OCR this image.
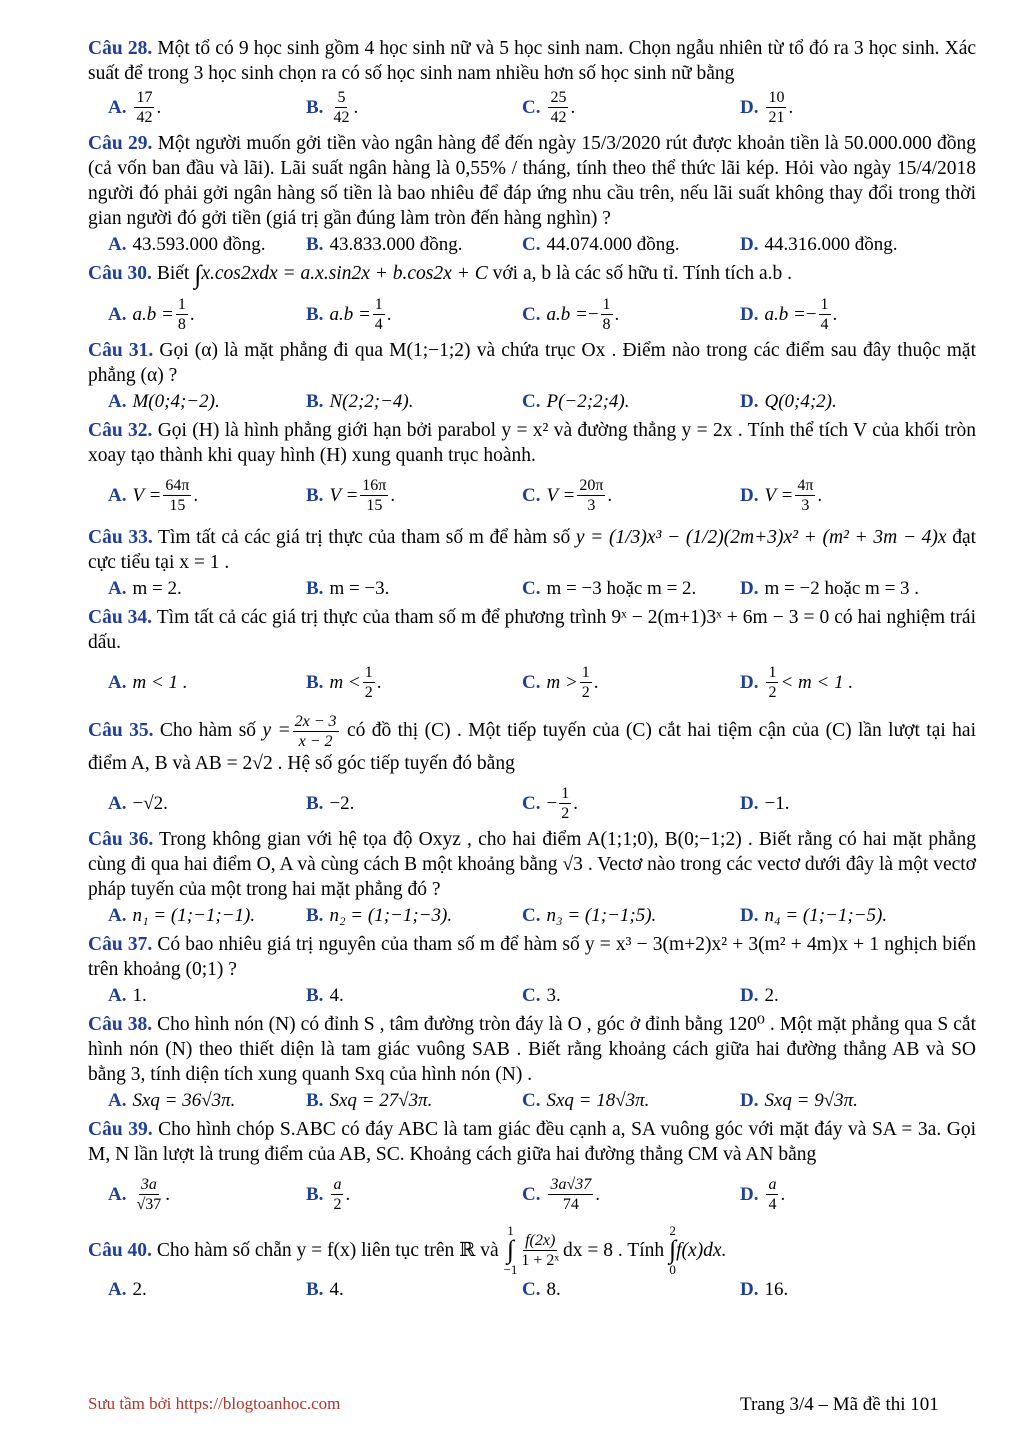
Câu 28. Một tổ có 9 học sinh gồm 4 học sinh nữ và 5 học sinh nam. Chọn ngẫu nhiên từ tổ đó ra 3 học sinh. Xác suất để trong 3 học sinh chọn ra có số học sinh nam nhiều hơn số học sinh nữ bằng

A. $\frac{17}{42}$ .	B. $\frac{5}{42}$ .	C. $\frac{25}{42}$ .	D. $\frac{10}{21}$ .

Câu 29. Một người muốn gởi tiền vào ngân hàng để đến ngày 15/3/2020 rút được khoản tiền là 50.000.000 đồng (cả vốn ban đầu và lãi). Lãi suất ngân hàng là 0,55% / tháng, tính theo thể thức lãi kép. Hỏi vào ngày 15/4/2018 người đó phải gởi ngân hàng số tiền là bao nhiêu để đáp ứng nhu cầu trên, nếu lãi suất không thay đổi trong thời gian người đó gởi tiền (giá trị gần đúng làm tròn đến hàng nghìn) ?

A. 43.593.000 đồng. B. 43.833.000 đồng.	C. 44.074.000 đồng.	D. 44.316.000 đồng.

Câu 30. Biết ∫x.cos2xdx = a.x.sin2x + b.cos2x + C với a, b là các số hữu tỉ. Tính tích a.b .

A. $a.b = \frac{1}{8}$ .	B. $a.b = \frac{1}{4}$ .	C. a.b = − $\frac{1}{8}$ .	D. a.b = − $\frac{1}{4}$ .

Câu 31. Gọi (α) là mặt phẳng đi qua M(1;−1;2) và chứa trục Ox . Điểm nào trong các điểm sau đây thuộc mặt phẳng (α) ?

A. M(0;4;−2).	B. N(2;2;−4).	C. P(−2;2;4).	D. Q(0;4;2).

Câu 32. Gọi (H) là hình phẳng giới hạn bởi parabol y = x² và đường thẳng y = 2x . Tính thể tích V của khối tròn xoay tạo thành khi quay hình (H) xung quanh trục hoành.

A. $V = \frac{64\pi}{15}$ .	B. $V = \frac{16\pi}{15}$ .	C. $V = \frac{20\pi}{3}$ .	D. $V = \frac{4\pi}{3}$ .

Câu 33. Tìm tất cả các giá trị thực của tham số m để hàm số y = (1/3)x³ − (1/2)(2m+3)x² + (m² + 3m − 4)x đạt cực tiểu tại x = 1 .

A. m = 2.	B. m = −3.	C. m = −3 hoặc m = 2. D. m = −2 hoặc m = 3 .

Câu 34. Tìm tất cả các giá trị thực của tham số m để phương trình 9ˣ − 2(m+1)3ˣ + 6m − 3 = 0 có hai nghiệm trái dấu.

A. m < 1 .	B. $m < \frac{1}{2}$ .	C. $m > \frac{1}{2}$ .	D. $\frac{1}{2} < m < 1$ .

Câu 35. Cho hàm số $y = \frac{2x - 3}{x - 2}$ có đồ thị (C) . Một tiếp tuyến của (C) cắt hai tiệm cận của (C) lần lượt tại hai điểm A, B và AB = 2√2 . Hệ số góc tiếp tuyến đó bằng

A. −√2.	B. −2.	C. − $\frac{1}{2}$ .	D. −1.

Câu 36. Trong không gian với hệ tọa độ Oxyz , cho hai điểm A(1;1;0), B(0;−1;2) . Biết rằng có hai mặt phẳng cùng đi qua hai điểm O, A và cùng cách B một khoảng bằng √3 . Vectơ nào trong các vectơ dưới đây là một vectơ pháp tuyến của một trong hai mặt phẳng đó ?

A. n₁ = (1;−1;−1).	B. n₂ = (1;−1;−3).	C. n₃ = (1;−1;5).	D. n₄ = (1;−1;−5).

Câu 37. Có bao nhiêu giá trị nguyên của tham số m để hàm số y = x³ − 3(m+2)x² + 3(m² + 4m)x + 1 nghịch biến trên khoảng (0;1) ?

A. 1.	B. 4.	C. 3.	D. 2.

Câu 38. Cho hình nón (N) có đỉnh S , tâm đường tròn đáy là O , góc ở đỉnh bằng 120⁰ . Một mặt phẳng qua S cắt hình nón (N) theo thiết diện là tam giác vuông SAB . Biết rằng khoảng cách giữa hai đường thẳng AB và SO bằng 3, tính diện tích xung quanh Sxq của hình nón (N) .

A. Sxq = 36√3π.	B. Sxq = 27√3π.	C. Sxq = 18√3π.	D. Sxq = 9√3π.

Câu 39. Cho hình chóp S.ABC có đáy ABC là tam giác đều cạnh a, SA vuông góc với mặt đáy và SA = 3a. Gọi M, N lần lượt là trung điểm của AB, SC. Khoảng cách giữa hai đường thẳng CM và AN bằng

A. $\frac{3a}{√37}$ .	B. $\frac{a}{2}$ .	C. $\frac{3a√37}{74}$ .	D. $\frac{a}{4}$ .

Câu 40.
Cho hàm số chẵn y = f(x) liên tục trên ℝ và

1
∫
$-1 \frac{f(2x)}{\text{1 + 2ˣ}}$ dx = 8 . Tính

2
∫
0
f(x)dx.

A. 2.	B. 4.	C. 8.	D. 16.
Sưu tầm bởi https://blogtoanhoc.com	Trang 3/4 – Mã đề thi 101
